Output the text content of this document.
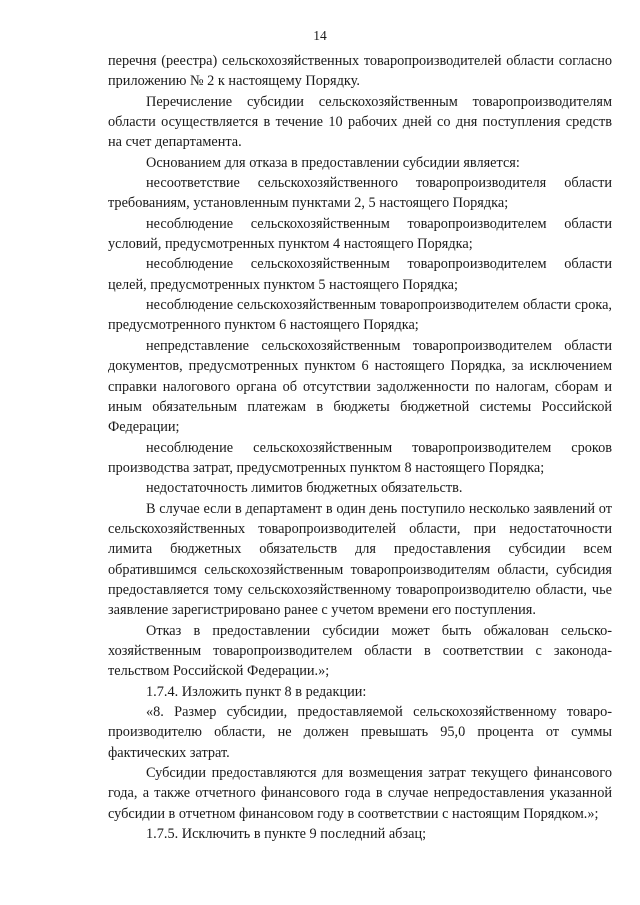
14

перечня (реестра) сельскохозяйственных товаропроизводителей области согласно приложению № 2 к настоящему Порядку.

Перечисление субсидии сельскохозяйственным товаропроизводителям области осуществляется в течение 10 рабочих дней со дня поступления средств на счет департамента.

Основанием для отказа в предоставлении субсидии является:

несоответствие сельскохозяйственного товаропроизводителя области требованиям, установленным пунктами 2, 5 настоящего Порядка;

несоблюдение сельскохозяйственным товаропроизводителем области условий, предусмотренных пунктом 4 настоящего Порядка;

несоблюдение сельскохозяйственным товаропроизводителем области целей, предусмотренных пунктом 5 настоящего Порядка;

несоблюдение сельскохозяйственным товаропроизводителем области срока, предусмотренного пунктом 6 настоящего Порядка;

непредставление сельскохозяйственным товаропроизводителем области документов, предусмотренных пунктом 6 настоящего Порядка, за исключением справки налогового органа об отсутствии задолженности по налогам, сборам и иным обязательным платежам в бюджеты бюджетной системы Российской Федерации;

несоблюдение сельскохозяйственным товаропроизводителем сроков производства затрат, предусмотренных пунктом 8 настоящего Порядка;

недостаточность лимитов бюджетных обязательств.

В случае если в департамент в один день поступило несколько заявлений от сельскохозяйственных товаропроизводителей области, при недостаточности лимита бюджетных обязательств для предоставления субсидии всем обратившимся сельскохозяйственным товаропроизводителям области, субсидия предоставляется тому сельскохозяйственному товаропроизводителю области, чье заявление зарегистрировано ранее с учетом времени его поступления.

Отказ в предоставлении субсидии может быть обжалован сельско-хозяйственным товаропроизводителем области в соответствии с законода-тельством Российской Федерации.»;

1.7.4. Изложить пункт 8 в редакции:

«8. Размер субсидии, предоставляемой сельскохозяйственному товаро-производителю области, не должен превышать 95,0 процента от суммы фактических затрат.

Субсидии предоставляются для возмещения затрат текущего финансового года, а также отчетного финансового года в случае непредоставления указанной субсидии в отчетном финансовом году в соответствии с настоящим Порядком.»;

1.7.5. Исключить в пункте 9 последний абзац;
